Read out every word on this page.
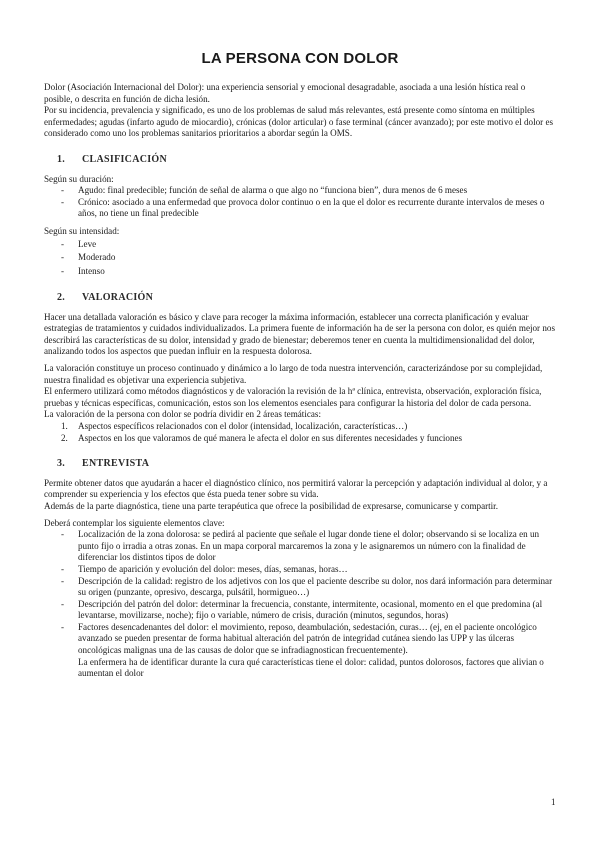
LA PERSONA CON DOLOR

Dolor (Asociación Internacional del Dolor): una experiencia sensorial y emocional desagradable, asociada a una lesión hística real o posible, o descrita en función de dicha lesión.

Por su incidencia, prevalencia y significado, es uno de los problemas de salud más relevantes, está presente como síntoma en múltiples enfermedades; agudas (infarto agudo de miocardio), crónicas (dolor articular) o fase terminal (cáncer avanzado); por este motivo el dolor es considerado como uno los problemas sanitarios prioritarios a abordar según la OMS.

1. CLASIFICACIÓN

Según su duración:

- Agudo: final predecible; función de señal de alarma o que algo no “funciona bien”, dura menos de 6 meses
- Crónico: asociado a una enfermedad que provoca dolor continuo o en la que el dolor es recurrente durante intervalos de meses o años, no tiene un final predecible

Según su intensidad:

- Leve
- Moderado
- Intenso
2. VALORACIÓN

Hacer una detallada valoración es básico y clave para recoger la máxima información, establecer una correcta planificación y evaluar estrategias de tratamientos y cuidados individualizados. La primera fuente de información ha de ser la persona con dolor, es quién mejor nos describirá las características de su dolor, intensidad y grado de bienestar; deberemos tener en cuenta la multidimensionalidad del dolor, analizando todos los aspectos que puedan influir en la respuesta dolorosa.

La valoración constituye un proceso continuado y dinámico a lo largo de toda nuestra intervención, caracterizándose por su complejidad, nuestra finalidad es objetivar una experiencia subjetiva.

El enfermero utilizará como métodos diagnósticos y de valoración la revisión de la hª clínica, entrevista, observación, exploración física, pruebas y técnicas específicas, comunicación, estos son los elementos esenciales para configurar la historia del dolor de cada persona.

La valoración de la persona con dolor se podría dividir en 2 áreas temáticas:

1. Aspectos específicos relacionados con el dolor (intensidad, localización, características…)
2. Aspectos en los que valoramos de qué manera le afecta el dolor en sus diferentes necesidades y funciones
3. ENTREVISTA

Permite obtener datos que ayudarán a hacer el diagnóstico clínico, nos permitirá valorar la percepción y adaptación individual al dolor, y a comprender su experiencia y los efectos que ésta pueda tener sobre su vida.

Además de la parte diagnóstica, tiene una parte terapéutica que ofrece la posibilidad de expresarse, comunicarse y compartir.

Deberá contemplar los siguiente elementos clave:

- Localización de la zona dolorosa: se pedirá al paciente que señale el lugar donde tiene el dolor; observando si se localiza en un punto fijo o irradia a otras zonas. En un mapa corporal marcaremos la zona y le asignaremos un número con la finalidad de diferenciar los distintos tipos de dolor
- Tiempo de aparición y evolución del dolor: meses, días, semanas, horas…
- Descripción de la calidad: registro de los adjetivos con los que el paciente describe su dolor, nos dará información para determinar su origen (punzante, opresivo, descarga, pulsátil, hormigueo…)
- Descripción del patrón del dolor: determinar la frecuencia, constante, intermitente, ocasional, momento en el que predomina (al levantarse, movilizarse, noche); fijo o variable, número de crisis, duración (minutos, segundos, horas)
- Factores desencadenantes del dolor: el movimiento, reposo, deambulación, sedestación, curas… (ej, en el paciente oncológico avanzado se pueden presentar de forma habitual alteración del patrón de integridad cutánea siendo las UPP y las úlceras oncológicas malignas una de las causas de dolor que se infradiagnostican frecuentemente).

La enfermera ha de identificar durante la cura qué características tiene el dolor: calidad, puntos dolorosos, factores que alivian o aumentan el dolor

1
